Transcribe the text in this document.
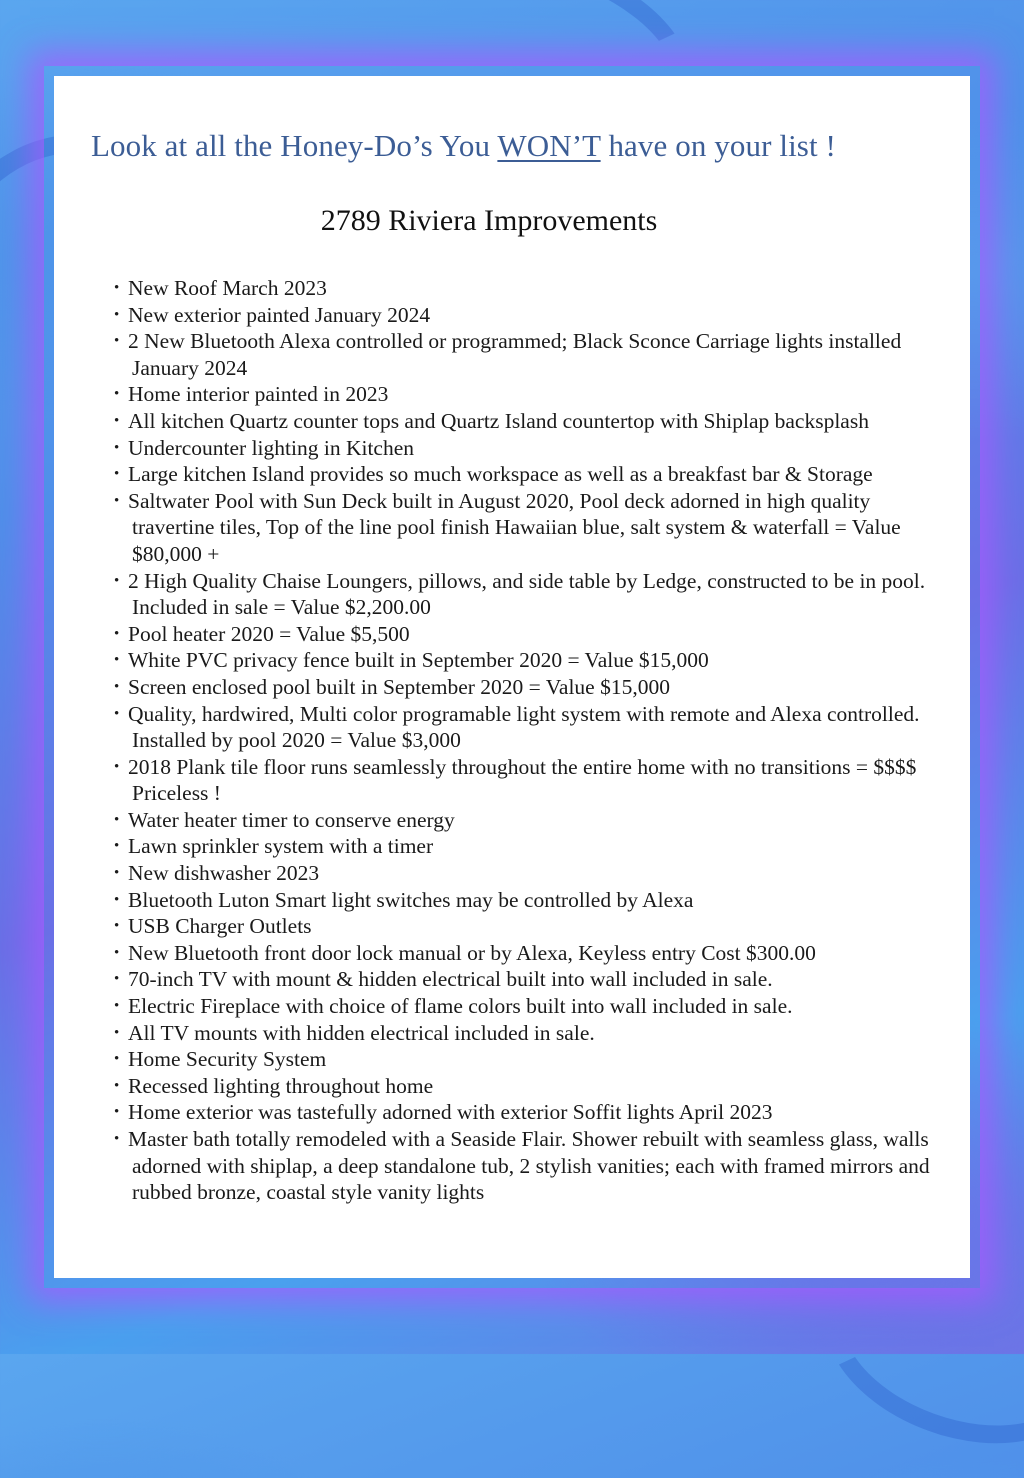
Look at all the Honey-Do’s You WON’T have on your list !
2789 Riviera Improvements
• New Roof March 2023
• New exterior painted January 2024
• 2 New Bluetooth Alexa controlled or programmed; Black Sconce Carriage lights installed January 2024
• Home interior painted in 2023
• All kitchen Quartz counter tops and Quartz Island countertop with Shiplap backsplash
• Undercounter lighting in Kitchen
• Large kitchen Island provides so much workspace as well as a breakfast bar & Storage
• Saltwater Pool with Sun Deck built in August 2020, Pool deck adorned in high quality travertine tiles, Top of the line pool finish Hawaiian blue, salt system & waterfall = Value $80,000 +
• 2 High Quality Chaise Loungers, pillows, and side table by Ledge, constructed to be in pool. Included in sale = Value $2,200.00
• Pool heater 2020 = Value $5,500
• White PVC privacy fence built in September 2020 = Value $15,000
• Screen enclosed pool built in September 2020 = Value $15,000
• Quality, hardwired, Multi color programable light system with remote and Alexa controlled. Installed by pool 2020 = Value $3,000
• 2018 Plank tile floor runs seamlessly throughout the entire home with no transitions = $$$$ Priceless !
• Water heater timer to conserve energy
• Lawn sprinkler system with a timer
• New dishwasher 2023
• Bluetooth Luton Smart light switches may be controlled by Alexa
• USB Charger Outlets
• New Bluetooth front door lock manual or by Alexa, Keyless entry Cost $300.00
• 70-inch TV with mount & hidden electrical built into wall included in sale.
• Electric Fireplace with choice of flame colors built into wall included in sale.
• All TV mounts with hidden electrical included in sale.
• Home Security System
• Recessed lighting throughout home
• Home exterior was tastefully adorned with exterior Soffit lights April 2023
• Master bath totally remodeled with a Seaside Flair. Shower rebuilt with seamless glass, walls adorned with shiplap, a deep standalone tub, 2 stylish vanities; each with framed mirrors and rubbed bronze, coastal style vanity lights
